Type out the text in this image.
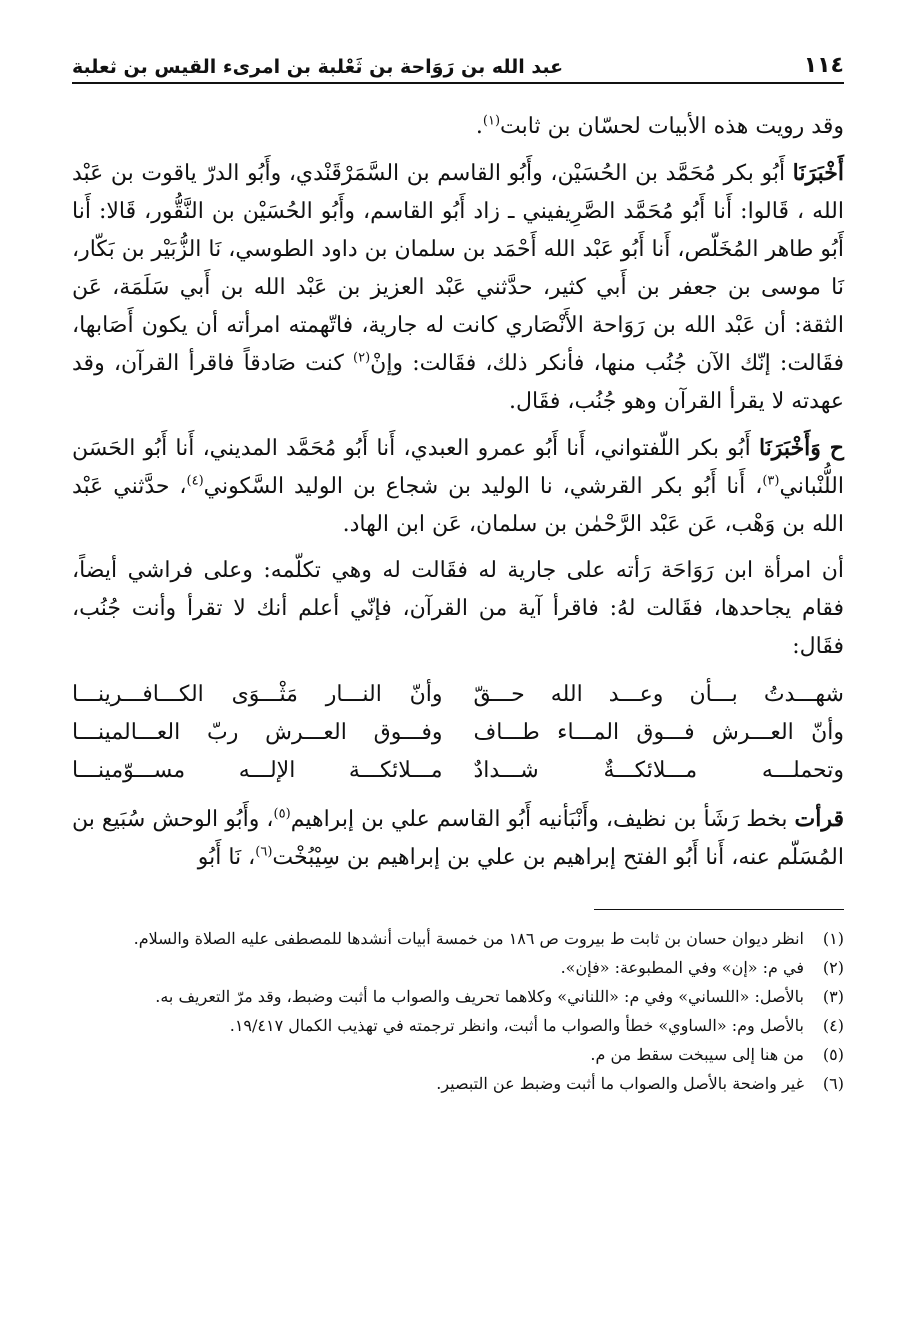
١١٤
عبد الله بن رَوَاحة بن ثَعْلبة بن امرىء القيس بن ثعلبة

وقد رويت هذه الأبيات لحسّان بن ثابت$^{(١)}$.

أَخْبَرَنَا أَبُو بكر مُحَمَّد بن الحُسَيْن، وأَبُو القاسم بن السَّمَرْقَنْدي، وأَبُو الدرّ ياقوت بن عَبْد الله ، قَالوا: أَنا أَبُو مُحَمَّد الصَّرِيفيني ـ زاد أَبُو القاسم، وأَبُو الحُسَيْن بن النَّقُّور، قَالا: أَنا أَبُو طاهر المُخَلّص، أَنا أَبُو عَبْد الله أَحْمَد بن سلمان بن داود الطوسي، نَا الزُّبَيْر بن بَكّار، نَا موسى بن جعفر بن أَبي كثير، حدَّثني عَبْد العزيز بن عَبْد الله بن أَبي سَلَمَة، عَن الثقة: أن عَبْد الله بن رَوَاحة الأَنْصَاري كانت له جارية، فاتّهمته امرأته أن يكون أَصَابها، فقَالت: إنّك الآن جُنُب منها، فأنكر ذلك، فقَالت: وإنْ$^{(٢)}$ كنت صَادقاً فاقرأ القرآن، وقد عهدته لا يقرأ القرآن وهو جُنُب، فقَال.

ح وَأَخْبَرَنَا أَبُو بكر اللّفتواني، أَنا أَبُو عمرو العبدي، أَنا أَبُو مُحَمَّد المديني، أَنا أَبُو الحَسَن اللُّنْباني$^{(٣)}$، أَنا أَبُو بكر القرشي، نا الوليد بن شجاع بن الوليد السَّكوني$^{(٤)}$، حدَّثني عَبْد الله بن وَهْب، عَن عَبْد الرَّحْمٰن بن سلمان، عَن ابن الهاد.

أن امرأة ابن رَوَاحَة رَأته على جارية له فقَالت له وهي تكلّمه: وعلى فراشي أيضاً، فقام يجاحدها، فقَالت لهُ: فاقرأ آية من القرآن، فإنّي أعلم أنك لا تقرأ وأنت جُنُب، فقَال:

شهـــدتُ بـــأن وعـــد الله حـــقّ
وأنّ النـــار مَثْـــوَى الكـــافـــرينـــا
وأنّ العـــرش فـــوق المـــاء طـــاف
وفـــوق العـــرش ربّ العـــالمينـــا
وتحملـــه مـــلائكـــةٌ شـــدادٌ
مـــلائكـــة الإلـــه مســـوّمينـــا

قرأت بخط رَشَأ بن نظيف، وأَنْبَأنيه أَبُو القاسم علي بن إبراهيم$^{(٥)}$، وأَبُو الوحش سُبَيع بن المُسَلّم عنه، أَنا أَبُو الفتح إبراهيم بن علي بن إبراهيم بن سِيْبُخْت$^{(٦)}$، نَا أَبُو

(١)
انظر ديوان حسان بن ثابت ط بيروت ص ١٨٦ من خمسة أبيات أنشدها للمصطفى عليه الصلاة والسلام.
(٢)
في م: «إن» وفي المطبوعة: «فإن».
(٣)
بالأصل: «اللساني» وفي م: «اللناني» وكلاهما تحريف والصواب ما أثبت وضبط، وقد مرّ التعريف به.
(٤)
بالأصل وم: «الساوي» خطأ والصواب ما أثبت، وانظر ترجمته في تهذيب الكمال ١٩/٤١٧.
(٥)
من هنا إلى سيبخت سقط من م.
(٦)
غير واضحة بالأصل والصواب ما أثبت وضبط عن التبصير.
